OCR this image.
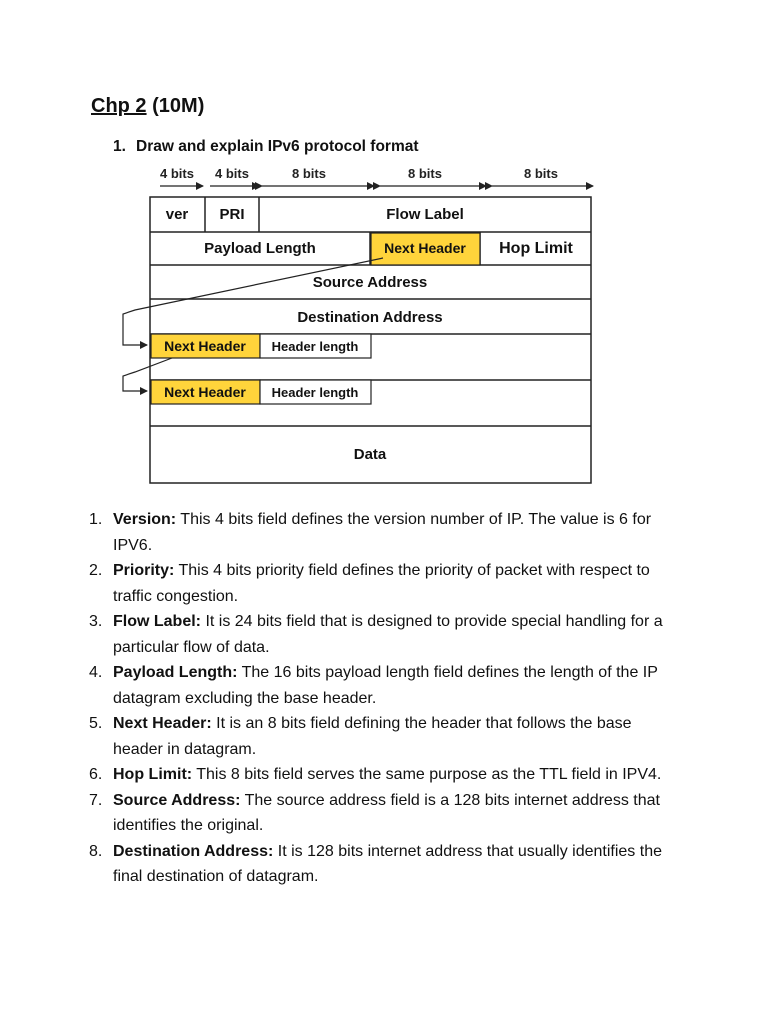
Chp 2 (10M)

1. Draw and explain IPv6 protocol format

4 bits 4 bits	8 bits	8 bits	8 bits
ver PRI	Flow Label
Payload Length	Next Header Hop Limit
Source Address
Destination Address
Next Header Header length
Next Header Header length
Data
1. Version: This 4 bits field defines the version number of IP. The value is 6 for IPV6.
2. Priority: This 4 bits priority field defines the priority of packet with respect to traffic congestion.
3. Flow Label: It is 24 bits field that is designed to provide special handling for a particular flow of data.
4. Payload Length: The 16 bits payload length field defines the length of the IP datagram excluding the base header.
5. Next Header: It is an 8 bits field defining the header that follows the base header in datagram.
6. Hop Limit: This 8 bits field serves the same purpose as the TTL field in IPV4.
7. Source Address: The source address field is a 128 bits internet address that identifies the original.
8. Destination Address: It is 128 bits internet address that usually identifies the final destination of datagram.
